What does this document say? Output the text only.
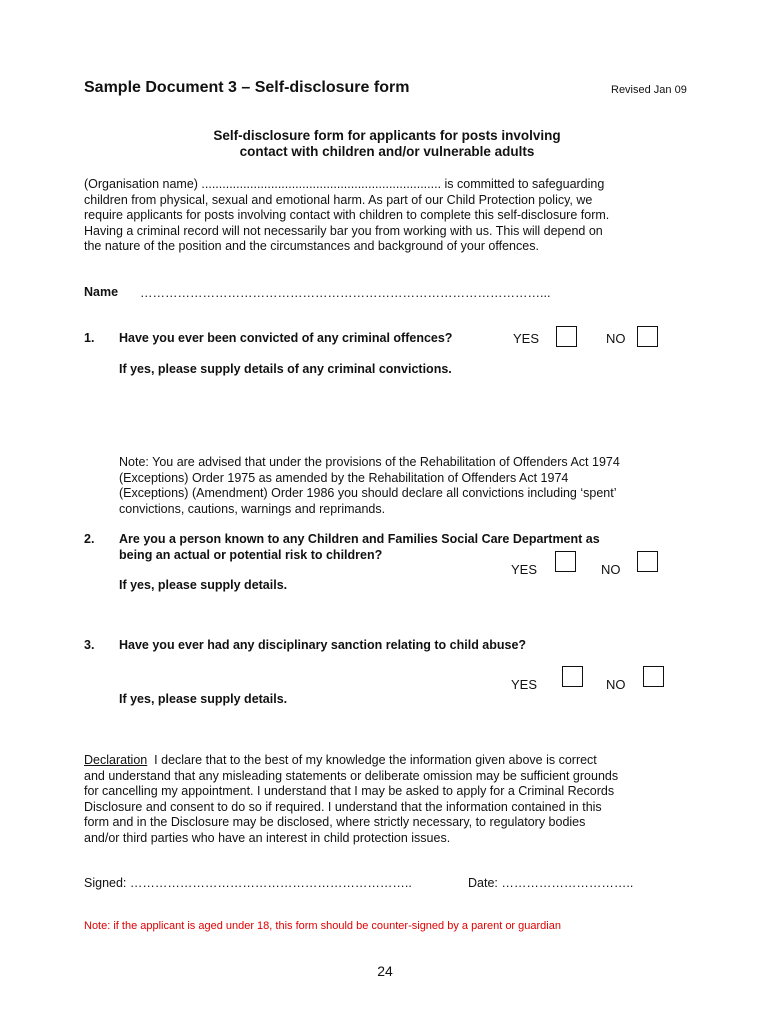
Sample Document 3 – Self-disclosure form	Revised Jan 09
Self-disclosure form for applicants for posts involving
contact with children and/or vulnerable adults
(Organisation name) ..................................................................... is committed to safeguarding
children from physical, sexual and emotional harm. As part of our Child Protection policy, we
require applicants for posts involving contact with children to complete this self-disclosure form.
Having a criminal record will not necessarily bar you from working with us. This will depend on
the nature of the position and the circumstances and background of your offences.
Name ……………………………………………………………………………………...
1. Have you ever been convicted of any criminal offences?	YES	NO
If yes, please supply details of any criminal convictions.
Note: You are advised that under the provisions of the Rehabilitation of Offenders Act 1974
(Exceptions) Order 1975 as amended by the Rehabilitation of Offenders Act 1974
(Exceptions) (Amendment) Order 1986 you should declare all convictions including ‘spent’
convictions, cautions, warnings and reprimands.
2. Are you a person known to any Children and Families Social Care Department as
being an actual or potential risk to children?
YES	NO
If yes, please supply details.
3. Have you ever had any disciplinary sanction relating to child abuse?
YES	NO
If yes, please supply details.
Declaration  I declare that to the best of my knowledge the information given above is correct
and understand that any misleading statements or deliberate omission may be sufficient grounds
for cancelling my appointment. I understand that I may be asked to apply for a Criminal Records
Disclosure and consent to do so if required. I understand that the information contained in this
form and in the Disclosure may be disclosed, where strictly necessary, to regulatory bodies
and/or third parties who have an interest in child protection issues.
Signed: …………………………………………………………..	Date: …………………………..
Note: if the applicant is aged under 18, this form should be counter-signed by a parent or guardian
24
